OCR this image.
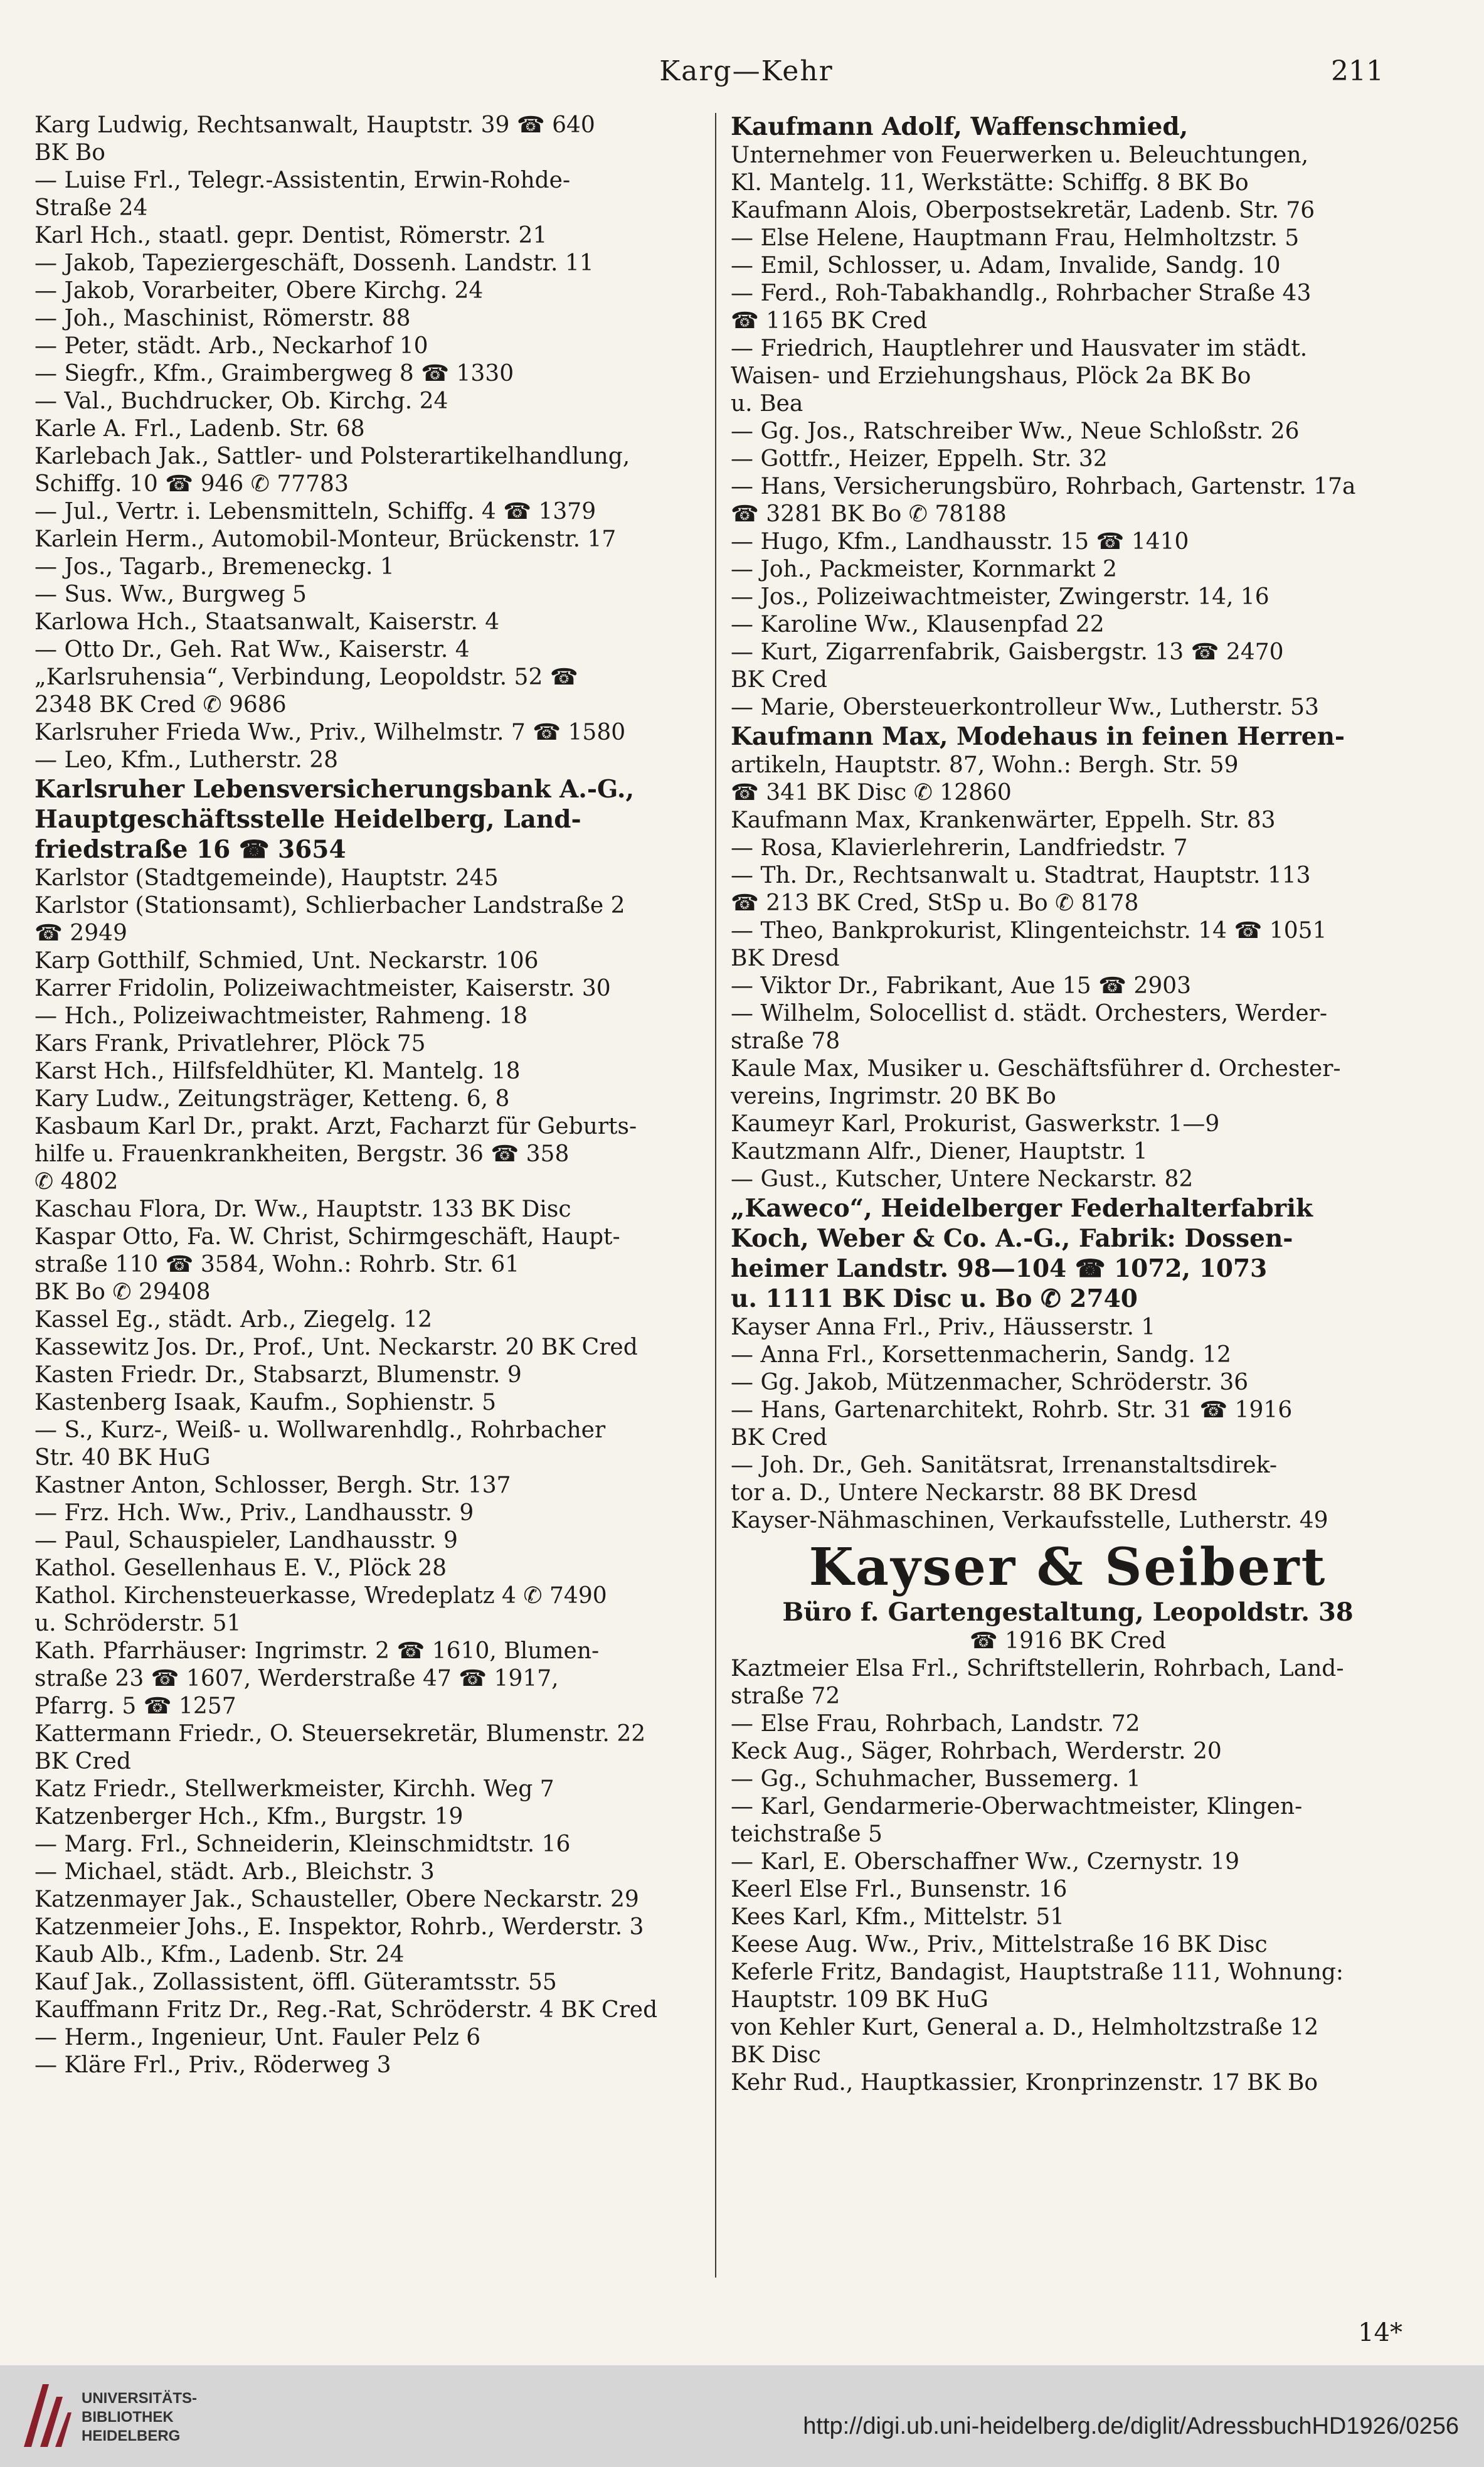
Karg—Kehr	211
Karg Ludwig, Rechtsanwalt, Hauptstr. 39 ☎ 640
BK Bo
— Luise Frl., Telegr.-Assistentin, Erwin-Rohde-
Straße 24
Karl Hch., staatl. gepr. Dentist, Römerstr. 21
— Jakob, Tapeziergeschäft, Dossenh. Landstr. 11
— Jakob, Vorarbeiter, Obere Kirchg. 24
— Joh., Maschinist, Römerstr. 88
— Peter, städt. Arb., Neckarhof 10
— Siegfr., Kfm., Graimbergweg 8 ☎ 1330
— Val., Buchdrucker, Ob. Kirchg. 24
Karle A. Frl., Ladenb. Str. 68
Karlebach Jak., Sattler- und Polsterartikelhandlung,
Schiffg. 10 ☎ 946 ✆ 77783
— Jul., Vertr. i. Lebensmitteln, Schiffg. 4 ☎ 1379
Karlein Herm., Automobil-Monteur, Brückenstr. 17
— Jos., Tagarb., Bremeneckg. 1
— Sus. Ww., Burgweg 5
Karlowa Hch., Staatsanwalt, Kaiserstr. 4
— Otto Dr., Geh. Rat Ww., Kaiserstr. 4
„Karlsruhensia“, Verbindung, Leopoldstr. 52 ☎
2348 BK Cred ✆ 9686
Karlsruher Frieda Ww., Priv., Wilhelmstr. 7 ☎ 1580
— Leo, Kfm., Lutherstr. 28
Karlsruher Lebensversicherungsbank A.-G.,
Hauptgeschäftsstelle Heidelberg, Land-
friedstraße 16 ☎ 3654
Karlstor (Stadtgemeinde), Hauptstr. 245
Karlstor (Stationsamt), Schlierbacher Landstraße 2
☎ 2949
Karp Gotthilf, Schmied, Unt. Neckarstr. 106
Karrer Fridolin, Polizeiwachtmeister, Kaiserstr. 30
— Hch., Polizeiwachtmeister, Rahmeng. 18
Kars Frank, Privatlehrer, Plöck 75
Karst Hch., Hilfsfeldhüter, Kl. Mantelg. 18
Kary Ludw., Zeitungsträger, Ketteng. 6, 8
Kasbaum Karl Dr., prakt. Arzt, Facharzt für Geburts-
hilfe u. Frauenkrankheiten, Bergstr. 36 ☎ 358
✆ 4802
Kaschau Flora, Dr. Ww., Hauptstr. 133 BK Disc
Kaspar Otto, Fa. W. Christ, Schirmgeschäft, Haupt-
straße 110 ☎ 3584, Wohn.: Rohrb. Str. 61
BK Bo ✆ 29408
Kassel Eg., städt. Arb., Ziegelg. 12
Kassewitz Jos. Dr., Prof., Unt. Neckarstr. 20 BK Cred
Kasten Friedr. Dr., Stabsarzt, Blumenstr. 9
Kastenberg Isaak, Kaufm., Sophienstr. 5
— S., Kurz-, Weiß- u. Wollwarenhdlg., Rohrbacher
Str. 40 BK HuG
Kastner Anton, Schlosser, Bergh. Str. 137
— Frz. Hch. Ww., Priv., Landhausstr. 9
— Paul, Schauspieler, Landhausstr. 9
Kathol. Gesellenhaus E. V., Plöck 28
Kathol. Kirchensteuerkasse, Wredeplatz 4 ✆ 7490
u. Schröderstr. 51
Kath. Pfarrhäuser: Ingrimstr. 2 ☎ 1610, Blumen-
straße 23 ☎ 1607, Werderstraße 47 ☎ 1917,
Pfarrg. 5 ☎ 1257
Kattermann Friedr., O. Steuersekretär, Blumenstr. 22
BK Cred
Katz Friedr., Stellwerkmeister, Kirchh. Weg 7
Katzenberger Hch., Kfm., Burgstr. 19
— Marg. Frl., Schneiderin, Kleinschmidtstr. 16
— Michael, städt. Arb., Bleichstr. 3
Katzenmayer Jak., Schausteller, Obere Neckarstr. 29
Katzenmeier Johs., E. Inspektor, Rohrb., Werderstr. 3
Kaub Alb., Kfm., Ladenb. Str. 24
Kauf Jak., Zollassistent, öffl. Güteramtsstr. 55
Kauffmann Fritz Dr., Reg.-Rat, Schröderstr. 4 BK Cred
— Herm., Ingenieur, Unt. Fauler Pelz 6
— Kläre Frl., Priv., Röderweg 3
Kaufmann Adolf, Waffenschmied,
Unternehmer von Feuerwerken u. Beleuchtungen,
Kl. Mantelg. 11, Werkstätte: Schiffg. 8 BK Bo
Kaufmann Alois, Oberpostsekretär, Ladenb. Str. 76
— Else Helene, Hauptmann Frau, Helmholtzstr. 5
— Emil, Schlosser, u. Adam, Invalide, Sandg. 10
— Ferd., Roh-Tabakhandlg., Rohrbacher Straße 43
☎ 1165 BK Cred
— Friedrich, Hauptlehrer und Hausvater im städt.
Waisen- und Erziehungshaus, Plöck 2a BK Bo
u. Bea
— Gg. Jos., Ratschreiber Ww., Neue Schloßstr. 26
— Gottfr., Heizer, Eppelh. Str. 32
— Hans, Versicherungsbüro, Rohrbach, Gartenstr. 17a
☎ 3281 BK Bo ✆ 78188
— Hugo, Kfm., Landhausstr. 15 ☎ 1410
— Joh., Packmeister, Kornmarkt 2
— Jos., Polizeiwachtmeister, Zwingerstr. 14, 16
— Karoline Ww., Klausenpfad 22
— Kurt, Zigarrenfabrik, Gaisbergstr. 13 ☎ 2470
BK Cred
— Marie, Obersteuerkontrolleur Ww., Lutherstr. 53
Kaufmann Max, Modehaus in feinen Herren-
artikeln, Hauptstr. 87, Wohn.: Bergh. Str. 59
☎ 341 BK Disc ✆ 12860
Kaufmann Max, Krankenwärter, Eppelh. Str. 83
— Rosa, Klavierlehrerin, Landfriedstr. 7
— Th. Dr., Rechtsanwalt u. Stadtrat, Hauptstr. 113
☎ 213 BK Cred, StSp u. Bo ✆ 8178
— Theo, Bankprokurist, Klingenteichstr. 14 ☎ 1051
BK Dresd
— Viktor Dr., Fabrikant, Aue 15 ☎ 2903
— Wilhelm, Solocellist d. städt. Orchesters, Werder-
straße 78
Kaule Max, Musiker u. Geschäftsführer d. Orchester-
vereins, Ingrimstr. 20 BK Bo
Kaumeyr Karl, Prokurist, Gaswerkstr. 1—9
Kautzmann Alfr., Diener, Hauptstr. 1
— Gust., Kutscher, Untere Neckarstr. 82
„Kaweco“, Heidelberger Federhalterfabrik
Koch, Weber & Co. A.-G., Fabrik: Dossen-
heimer Landstr. 98—104 ☎ 1072, 1073
u. 1111 BK Disc u. Bo ✆ 2740
Kayser Anna Frl., Priv., Häusserstr. 1
— Anna Frl., Korsettenmacherin, Sandg. 12
— Gg. Jakob, Mützenmacher, Schröderstr. 36
— Hans, Gartenarchitekt, Rohrb. Str. 31 ☎ 1916
BK Cred
— Joh. Dr., Geh. Sanitätsrat, Irrenanstaltsdirek-
tor a. D., Untere Neckarstr. 88 BK Dresd
Kayser-Nähmaschinen, Verkaufsstelle, Lutherstr. 49
Kayser & Seibert
Büro f. Gartengestaltung, Leopoldstr. 38
☎ 1916 BK Cred
Kaztmeier Elsa Frl., Schriftstellerin, Rohrbach, Land-
straße 72
— Else Frau, Rohrbach, Landstr. 72
Keck Aug., Säger, Rohrbach, Werderstr. 20
— Gg., Schuhmacher, Bussemerg. 1
— Karl, Gendarmerie-Oberwachtmeister, Klingen-
teichstraße 5
— Karl, E. Oberschaffner Ww., Czernystr. 19
Keerl Else Frl., Bunsenstr. 16
Kees Karl, Kfm., Mittelstr. 51
Keese Aug. Ww., Priv., Mittelstraße 16 BK Disc
Keferle Fritz, Bandagist, Hauptstraße 111, Wohnung:
Hauptstr. 109 BK HuG
von Kehler Kurt, General a. D., Helmholtzstraße 12
BK Disc
Kehr Rud., Hauptkassier, Kronprinzenstr. 17 BK Bo
14*
UNIVERSITÄTS-
BIBLIOTHEK
HEIDELBERG	http://digi.ub.uni-heidelberg.de/diglit/AdressbuchHD1926/0256
